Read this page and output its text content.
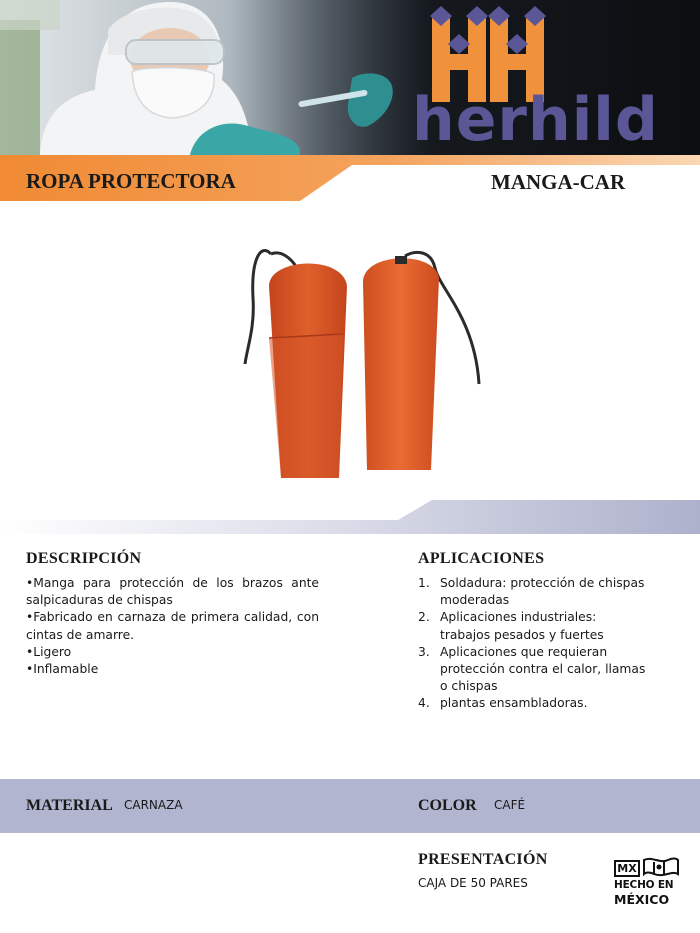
herhild
ROPA PROTECTORA	MANGA-CAR
DESCRIPCIÓN
•Manga para protección de los brazos ante salpicaduras de chispas
•Fabricado en carnaza de primera calidad, con cintas de amarre.
•Ligero
•Inflamable
APLICACIONES
1. Soldadura: protección de chispas moderadas
2. Aplicaciones industriales: trabajos pesados y fuertes
3. Aplicaciones que requieran protección contra el calor, llamas o chispas
4. plantas ensambladoras.
MATERIAL CARNAZA	COLOR CAFÉ
PRESENTACIÓN
CAJA DE 50 PARES
MX
HECHO EN
MÉXICO
